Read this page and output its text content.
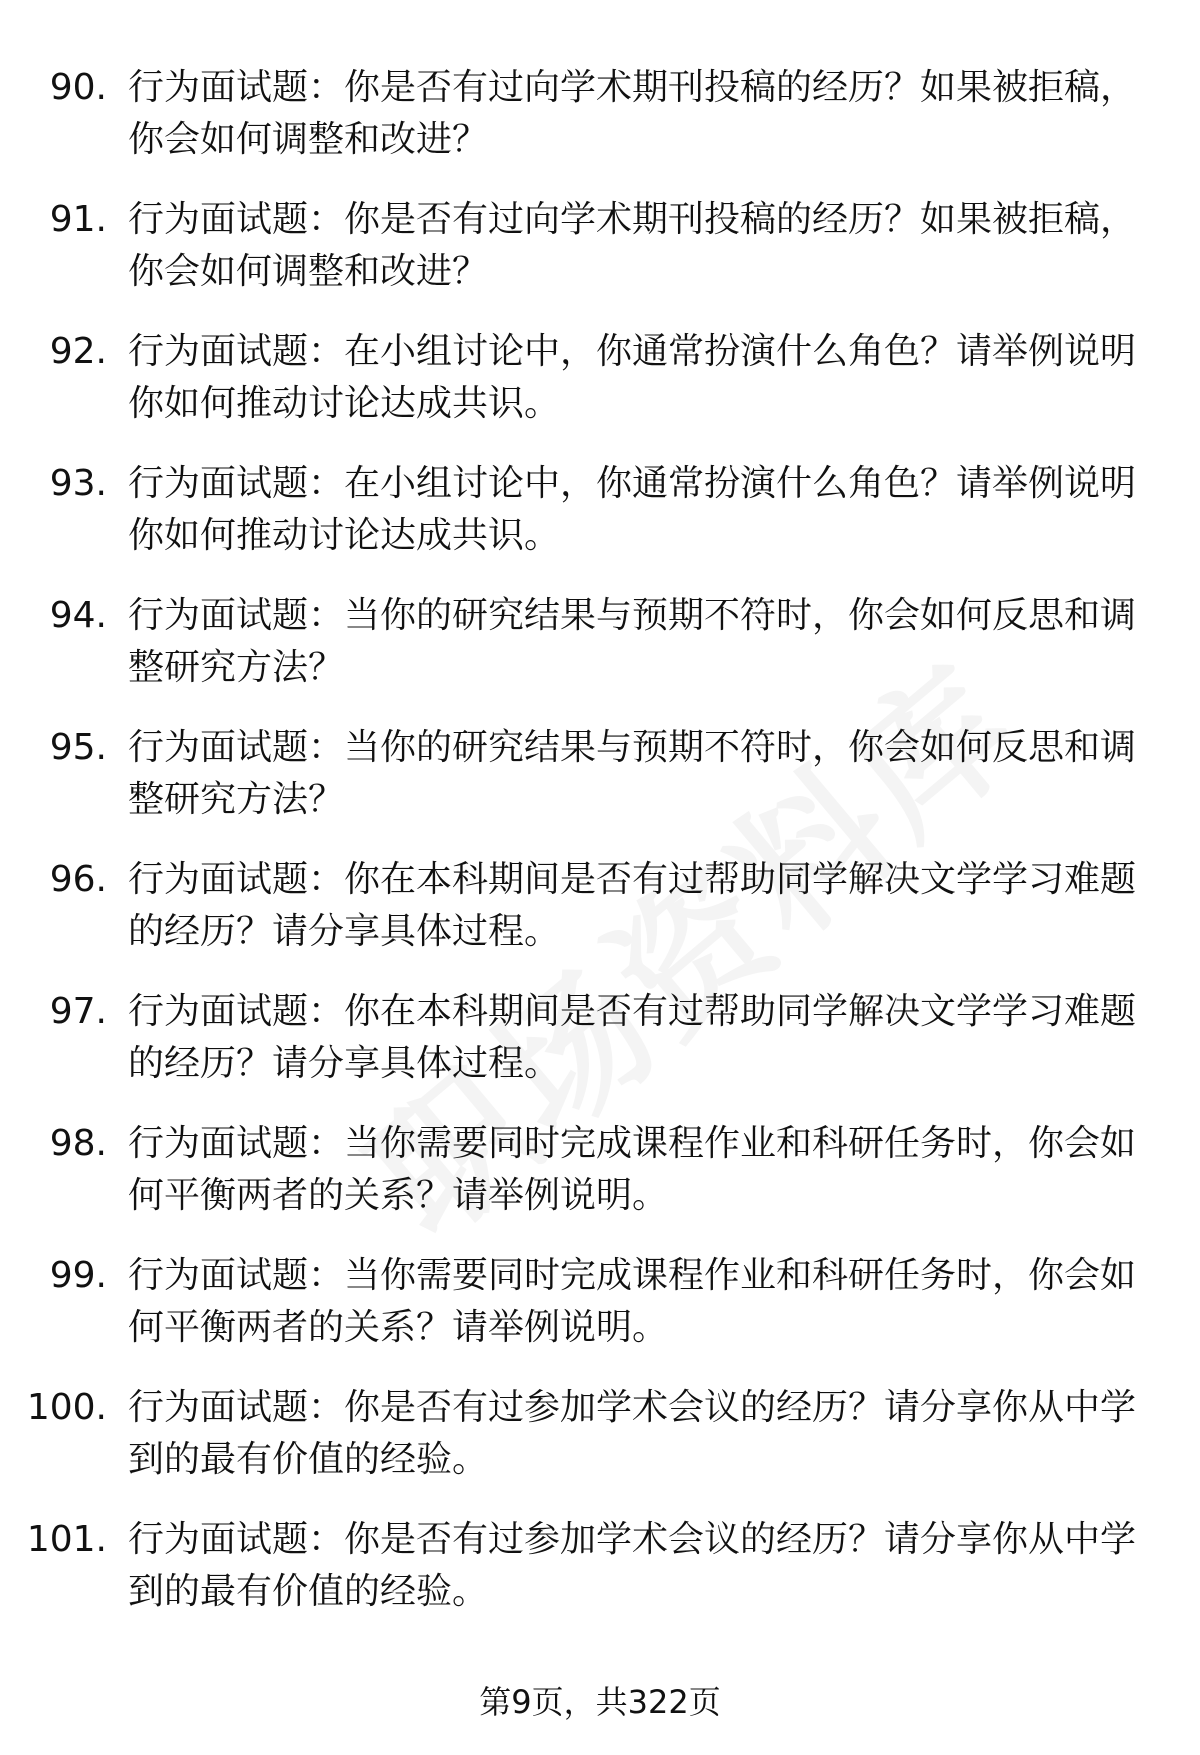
90. 行为面试题：你是否有过向学术期刊投稿的经历？如果被拒稿，你会如何调整和改进？
91. 行为面试题：你是否有过向学术期刊投稿的经历？如果被拒稿，你会如何调整和改进？
92. 行为面试题：在小组讨论中，你通常扮演什么角色？请举例说明你如何推动讨论达成共识。
93. 行为面试题：在小组讨论中，你通常扮演什么角色？请举例说明你如何推动讨论达成共识。
94. 行为面试题：当你的研究结果与预期不符时，你会如何反思和调整研究方法？
95. 行为面试题：当你的研究结果与预期不符时，你会如何反思和调整研究方法？
96. 行为面试题：你在本科期间是否有过帮助同学解决文学学习难题的经历？请分享具体过程。
97. 行为面试题：你在本科期间是否有过帮助同学解决文学学习难题的经历？请分享具体过程。
98. 行为面试题：当你需要同时完成课程作业和科研任务时，你会如何平衡两者的关系？请举例说明。
99. 行为面试题：当你需要同时完成课程作业和科研任务时，你会如何平衡两者的关系？请举例说明。
100. 行为面试题：你是否有过参加学术会议的经历？请分享你从中学到的最有价值的经验。
101. 行为面试题：你是否有过参加学术会议的经历？请分享你从中学到的最有价值的经验。
第9页，共322页
